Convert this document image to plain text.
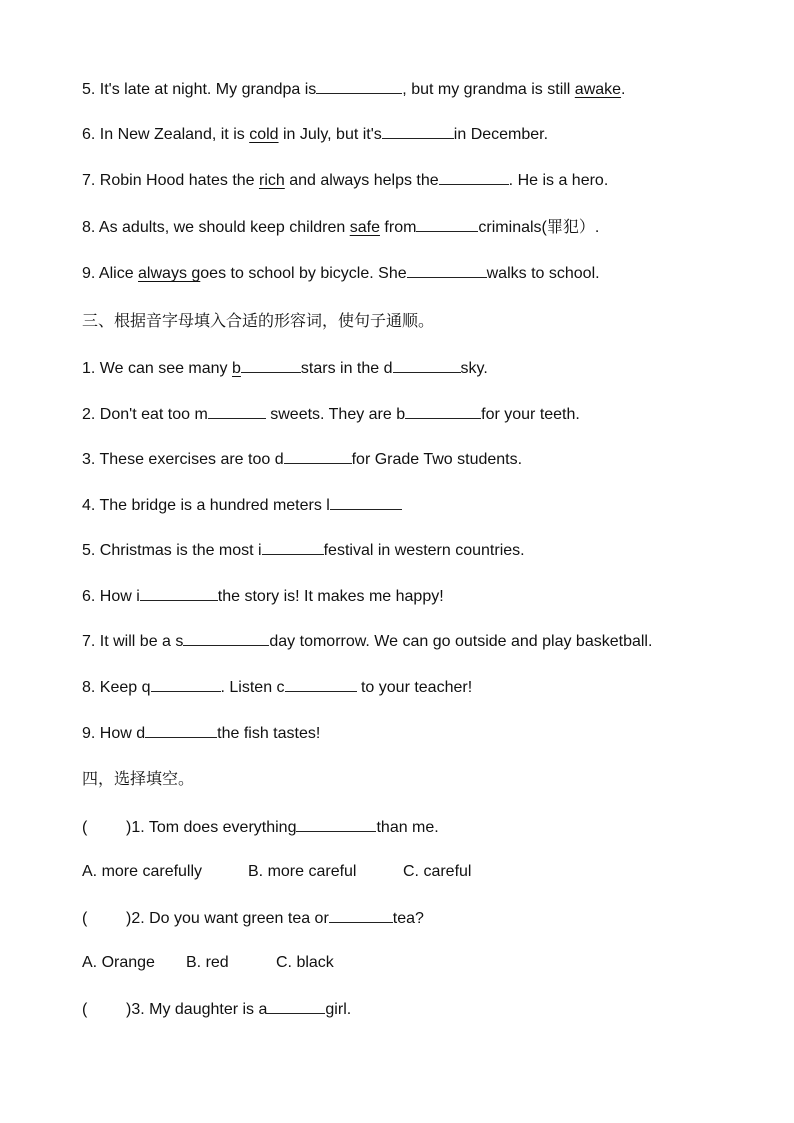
5. It's late at night. My grandpa is	, but my grandma is still awake.
6. In New Zealand, it is cold in July, but it's	in December.
7. Robin Hood hates the rich and always helps the	. He is a hero.
8. As adults, we should keep children safe from	criminals(罪犯）.
9. Alice always goes to school by bicycle. She	walks to school.
三、根据音字母填入合适的形容词，使句子通顺。
1. We can see many b	stars in the d	sky.
2. Don't eat too m	sweets. They are b	for your teeth.
3. These exercises are too d	for Grade Two students.
4. The bridge is a hundred meters l
5. Christmas is the most i	festival in western countries.
6. How i	the story is! It makes me happy!
7. It will be a s	day tomorrow. We can go outside and play basketball.
8. Keep q	. Listen c	to your teacher!
9. How d	the fish tastes!
四，选择填空。
( )1. Tom does everything	than me.
A. more carefully	B. more careful	C. careful
( )2. Do you want green tea or	tea?
A. Orange B. red	C. black
( )3. My daughter is a	girl.
